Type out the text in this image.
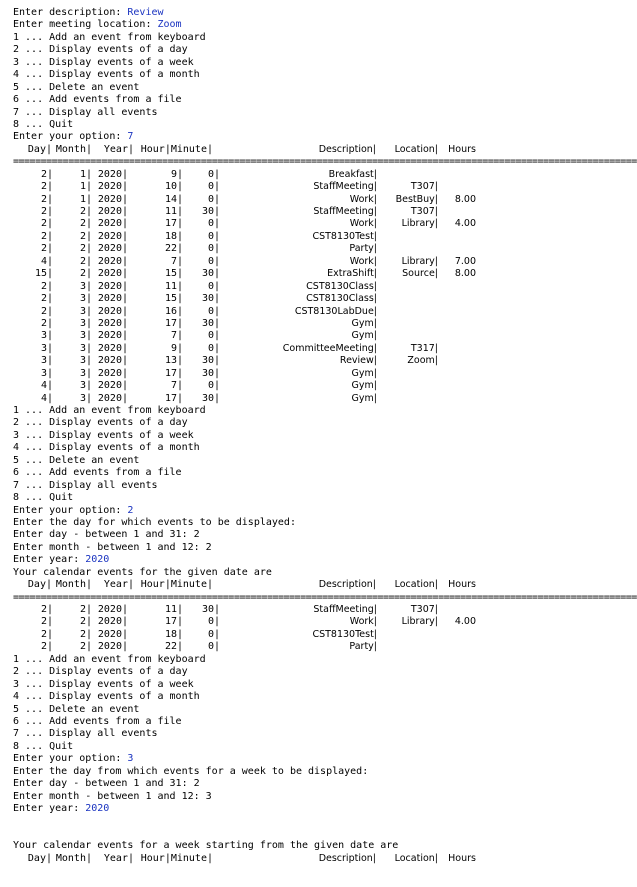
Enter description: Review
Enter meeting location: Zoom
1 ... Add an event from keyboard
2 ... Display events of a day
3 ... Display events of a week
4 ... Display events of a month
5 ... Delete an event
6 ... Add events from a file
7 ... Display all events
8 ... Quit
Enter your option: 7
Day| Month| Year| Hour|Minute|	Description| Location| Hours
=================================================================================================================
2|	1| 2020|	9| 0|	Breakfast|
2|	1| 2020|	10| 0|	StaffMeeting|	T307|
2|	1| 2020|	14| 0|	Work| BestBuy| 8.00
2|	2| 2020|	11| 30|	StaffMeeting|	T307|
2|	2| 2020|	17| 0|	Work|	Library| 4.00
2|	2| 2020|	18| 0|	CST8130Test|
2|	2| 2020|	22| 0|	Party|
4|	2| 2020|	7| 0|	Work|	Library| 7.00
15|	2| 2020|	15| 30|	ExtraShift|	Source| 8.00
2|	3| 2020|	11| 0|	CST8130Class|
2|	3| 2020|	15| 30|	CST8130Class|
2|	3| 2020|	16| 0|	CST8130LabDue|
2|	3| 2020|	17| 30|	Gym|
3|	3| 2020|	7| 0|	Gym|
3|	3| 2020|	9| 0|	CommitteeMeeting|	T317|
3|	3| 2020|	13| 30|	Review|	Zoom|
3|	3| 2020|	17| 30|	Gym|
4|	3| 2020|	7| 0|	Gym|
4|	3| 2020|	17| 30|	Gym|
1 ... Add an event from keyboard
2 ... Display events of a day
3 ... Display events of a week
4 ... Display events of a month
5 ... Delete an event
6 ... Add events from a file
7 ... Display all events
8 ... Quit
Enter your option: 2
Enter the day for which events to be displayed:
Enter day - between 1 and 31: 2
Enter month - between 1 and 12: 2
Enter year: 2020
Your calendar events for the given date are
Day| Month| Year| Hour|Minute|	Description| Location| Hours
=================================================================================================================
2|	2| 2020|	11| 30|	StaffMeeting|	T307|
2|	2| 2020|	17| 0|	Work|	Library| 4.00
2|	2| 2020|	18| 0|	CST8130Test|
2|	2| 2020|	22| 0|	Party|
1 ... Add an event from keyboard
2 ... Display events of a day
3 ... Display events of a week
4 ... Display events of a month
5 ... Delete an event
6 ... Add events from a file
7 ... Display all events
8 ... Quit
Enter your option: 3
Enter the day from which events for a week to be displayed:
Enter day - between 1 and 31: 2
Enter month - between 1 and 12: 3
Enter year: 2020
Your calendar events for a week starting from the given date are
Day| Month| Year| Hour|Minute|	Description| Location| Hours
